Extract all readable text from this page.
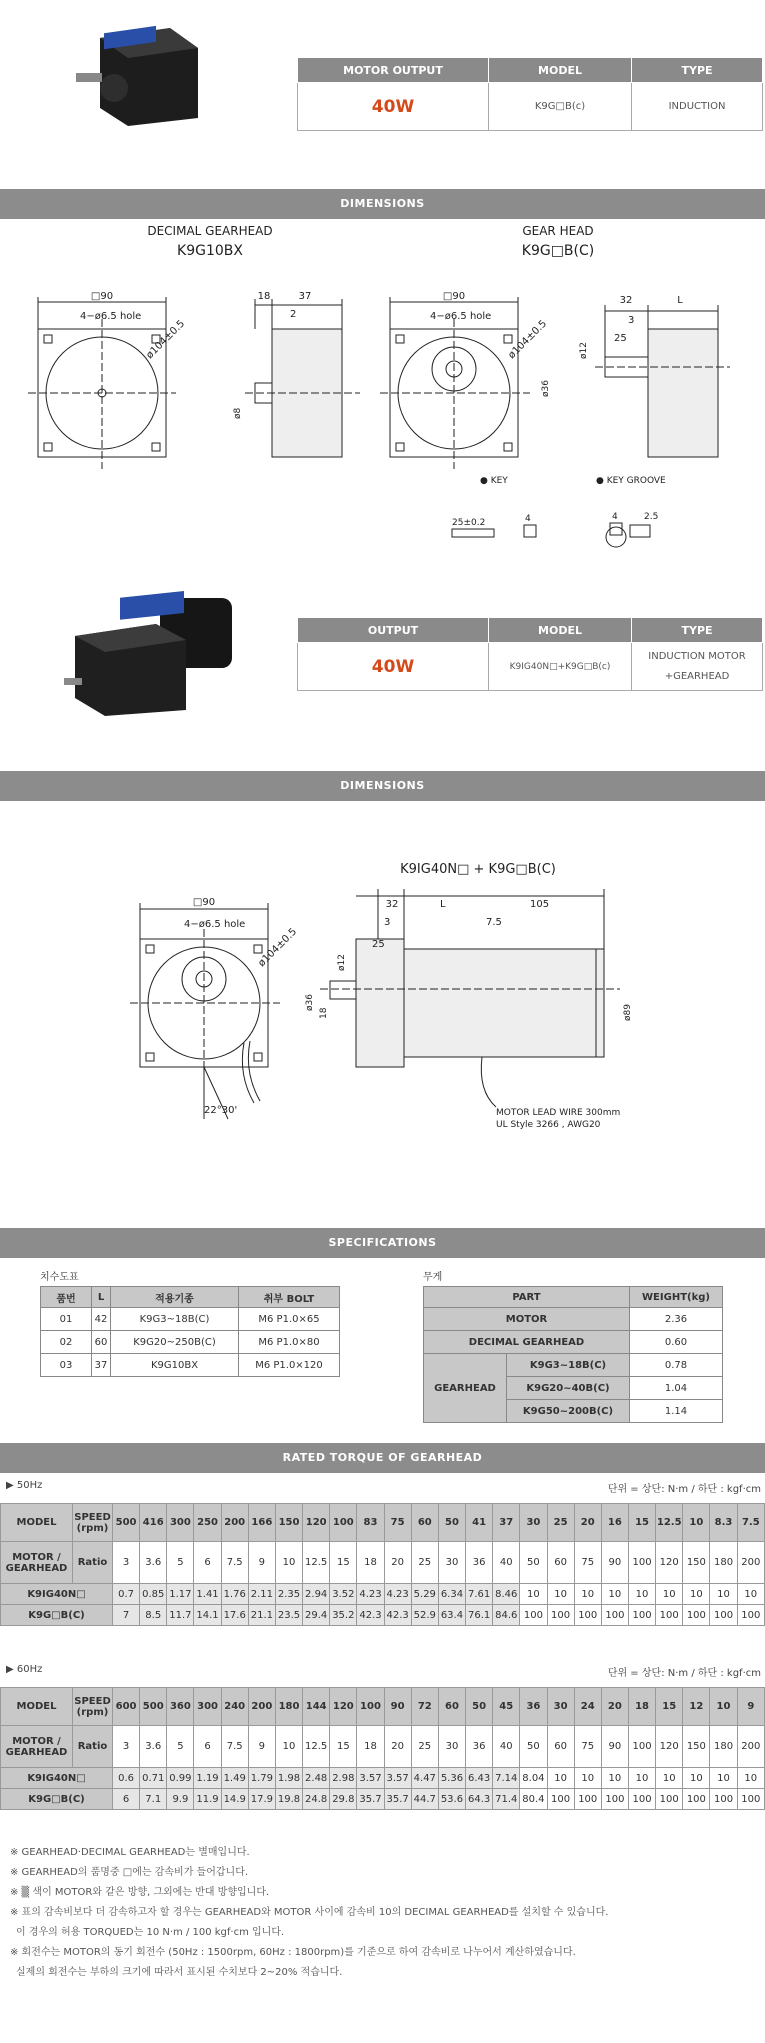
MOTOR OUTPUT	MODEL	TYPE
40W	K9G□B(c)	INDUCTION
DIMENSIONS
DECIMAL GEARHEAD
K9G10BX
GEAR HEAD
K9G□B(C)
□90
4−ø6.5 hole
ø104±0.5
18	37
2
ø8
□90
4−ø6.5 hole
ø104±0.5
32	L
3
25
ø12
ø36
● KEY	● KEY GROOVE
25±0.2	4	4	2.5
OUTPUT	MODEL	TYPE
40W	K9IG40N□+K9G□B(c)	INDUCTION MOTOR
+GEARHEAD
DIMENSIONS
K9IG40N□ + K9G□B(C)
□90
4−ø6.5 hole
ø104±0.5
22°30'
32	L	105
3	7.5
25
ø12
ø36
18	ø89
MOTOR LEAD WIRE 300mm
UL Style 3266 , AWG20
SPECIFICATIONS
치수도표
품번	L	적용기종	취부 BOLT
01	42	K9G3~18B(C)	M6 P1.0×65
02	60	K9G20~250B(C)	M6 P1.0×80
03	37	K9G10BX	M6 P1.0×120
무게
PART		WEIGHT(kg)
MOTOR		2.36
DECIMAL GEARHEAD		0.60
GEARHEAD	K9G3~18B(C)	0.78
	K9G20~40B(C)	1.04
	K9G50~200B(C)	1.14
RATED TORQUE OF GEARHEAD
▶ 50Hz	단위 = 상단: N·m / 하단 : kgf·cm
MODEL	SPEED (rpm)	500	416	300	250	200	166	150	120	100	83	75	60	50	41	37	30	25	20	16	15	12.5	10	8.3	7.5
MOTOR / GEARHEAD	Ratio	3	3.6	5	6	7.5	9	10	12.5	15	18	20	25	30	36	40	50	60	75	90	100	120	150	180	200
K9IG40N□		0.7	0.85	1.17	1.41	1.76	2.11	2.35	2.94	3.52	4.23	4.23	5.29	6.34	7.61	8.46	10	10	10	10	10	10	10	10	10
K9G□B(C)		7	8.5	11.7	14.1	17.6	21.1	23.5	29.4	35.2	42.3	42.3	52.9	63.4	76.1	84.6	100	100	100	100	100	100	100	100	100
▶ 60Hz	단위 = 상단: N·m / 하단 : kgf·cm
MODEL	SPEED (rpm)	600	500	360	300	240	200	180	144	120	100	90	72	60	50	45	36	30	24	20	18	15	12	10	9
MOTOR / GEARHEAD	Ratio	3	3.6	5	6	7.5	9	10	12.5	15	18	20	25	30	36	40	50	60	75	90	100	120	150	180	200
K9IG40N□		0.6	0.71	0.99	1.19	1.49	1.79	1.98	2.48	2.98	3.57	3.57	4.47	5.36	6.43	7.14	8.04	10	10	10	10	10	10	10	10
K9G□B(C)		6	7.1	9.9	11.9	14.9	17.9	19.8	24.8	29.8	35.7	35.7	44.7	53.6	64.3	71.4	80.4	100	100	100	100	100	100	100	100
※ GEARHEAD·DECIMAL GEARHEAD는 별매입니다.
※ GEARHEAD의 품명중 □에는 감속비가 들어갑니다.
※ ▒ 색이 MOTOR와 같은 방향, 그외에는 반대 방향입니다.
※ 표의 감속비보다 더 감속하고자 할 경우는 GEARHEAD와 MOTOR 사이에 감속비 10의 DECIMAL GEARHEAD를 설치할 수 있습니다.
이 경우의 허용 TORQUED는 10 N·m / 100 kgf·cm 입니다.
※ 회전수는 MOTOR의 동기 회전수 (50Hz : 1500rpm, 60Hz : 1800rpm)를 기준으로 하여 감속비로 나누어서 계산하였습니다.
실제의 회전수는 부하의 크기에 따라서 표시된 수치보다 2~20% 적습니다.
